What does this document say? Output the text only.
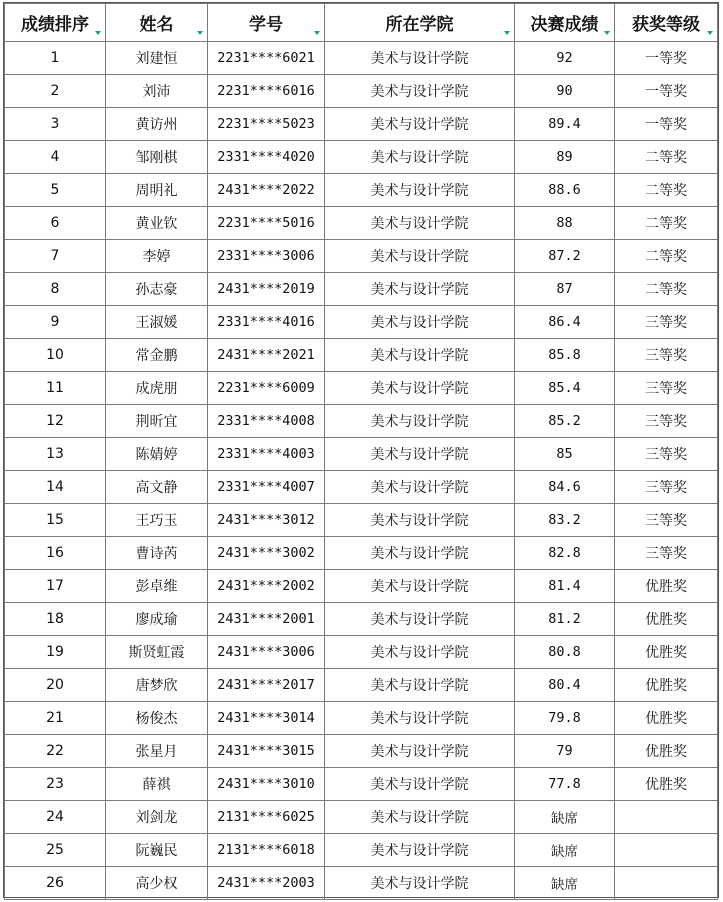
成绩排序	姓名	学号	所在学院	决赛成绩	获奖等级

1	刘建恒	2231****6021	美术与设计学院	92	一等奖
2	刘沛	2231****6016	美术与设计学院	90	一等奖
3	黄访州	2231****5023	美术与设计学院	89.4	一等奖
4	邹刚棋	2331****4020	美术与设计学院	89	二等奖
5	周明礼	2431****2022	美术与设计学院	88.6	二等奖
6	黄业钦	2231****5016	美术与设计学院	88	二等奖
7	李婷	2331****3006	美术与设计学院	87.2	二等奖
8	孙志豪	2431****2019	美术与设计学院	87	二等奖
9	王淑媛	2331****4016	美术与设计学院	86.4	三等奖
10	常金鹏	2431****2021	美术与设计学院	85.8	三等奖
11	成虎朋	2231****6009	美术与设计学院	85.4	三等奖
12	荆昕宜	2331****4008	美术与设计学院	85.2	三等奖
13	陈婧婷	2331****4003	美术与设计学院	85	三等奖
14	高文静	2331****4007	美术与设计学院	84.6	三等奖
15	王巧玉	2431****3012	美术与设计学院	83.2	三等奖
16	曹诗芮	2431****3002	美术与设计学院	82.8	三等奖
17	彭卓维	2431****2002	美术与设计学院	81.4	优胜奖
18	廖成瑜	2431****2001	美术与设计学院	81.2	优胜奖
19	斯贤虹霞	2431****3006	美术与设计学院	80.8	优胜奖
20	唐梦欣	2431****2017	美术与设计学院	80.4	优胜奖
21	杨俊杰	2431****3014	美术与设计学院	79.8	优胜奖
22	张星月	2431****3015	美术与设计学院	79	优胜奖
23	薛祺	2431****3010	美术与设计学院	77.8	优胜奖
24	刘剑龙	2131****6025	美术与设计学院	缺席	
25	阮巍民	2131****6018	美术与设计学院	缺席	
26	高少权	2431****2003	美术与设计学院	缺席	
